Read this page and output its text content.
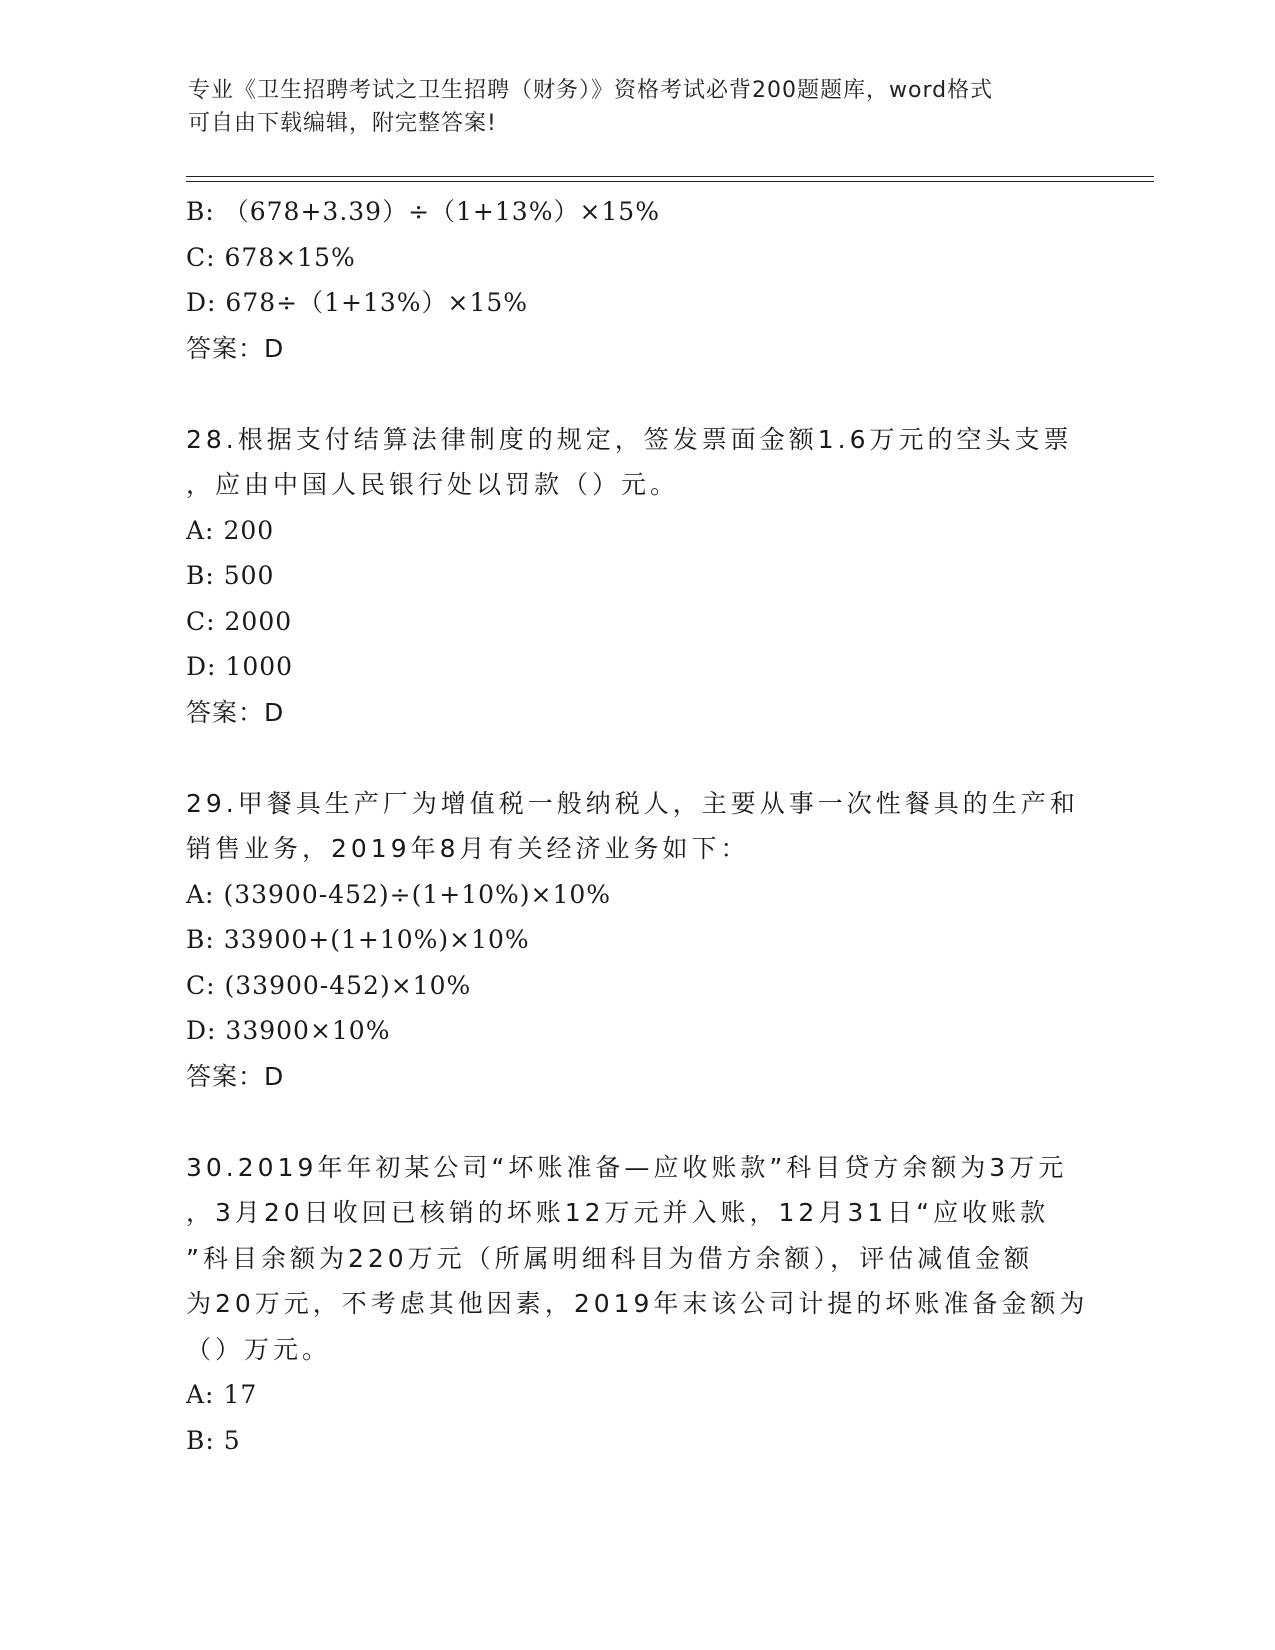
专业《卫生招聘考试之卫生招聘（财务）》资格考试必背200题题库，word格式
可自由下载编辑，附完整答案!
B: （678+3.39）÷（1+13%）×15%
C: 678×15%
D: 678÷（1+13%）×15%
答案：D
28.根据支付结算法律制度的规定，签发票面金额1.6万元的空头支票
，应由中国人民银行处以罚款（）元。
A: 200
B: 500
C: 2000
D: 1000
答案：D
29.甲餐具生产厂为增值税一般纳税人，主要从事一次性餐具的生产和
销售业务，2019年8月有关经济业务如下：
A: (33900-452)÷(1+10%)×10%
B: 33900+(1+10%)×10%
C: (33900-452)×10%
D: 33900×10%
答案：D
30.2019年年初某公司“坏账准备—应收账款”科目贷方余额为3万元
，3月20日收回已核销的坏账12万元并入账，12月31日“应收账款
”科目余额为220万元（所属明细科目为借方余额），评估减值金额
为20万元，不考虑其他因素，2019年末该公司计提的坏账准备金额为
（）万元。
A: 17
B: 5
